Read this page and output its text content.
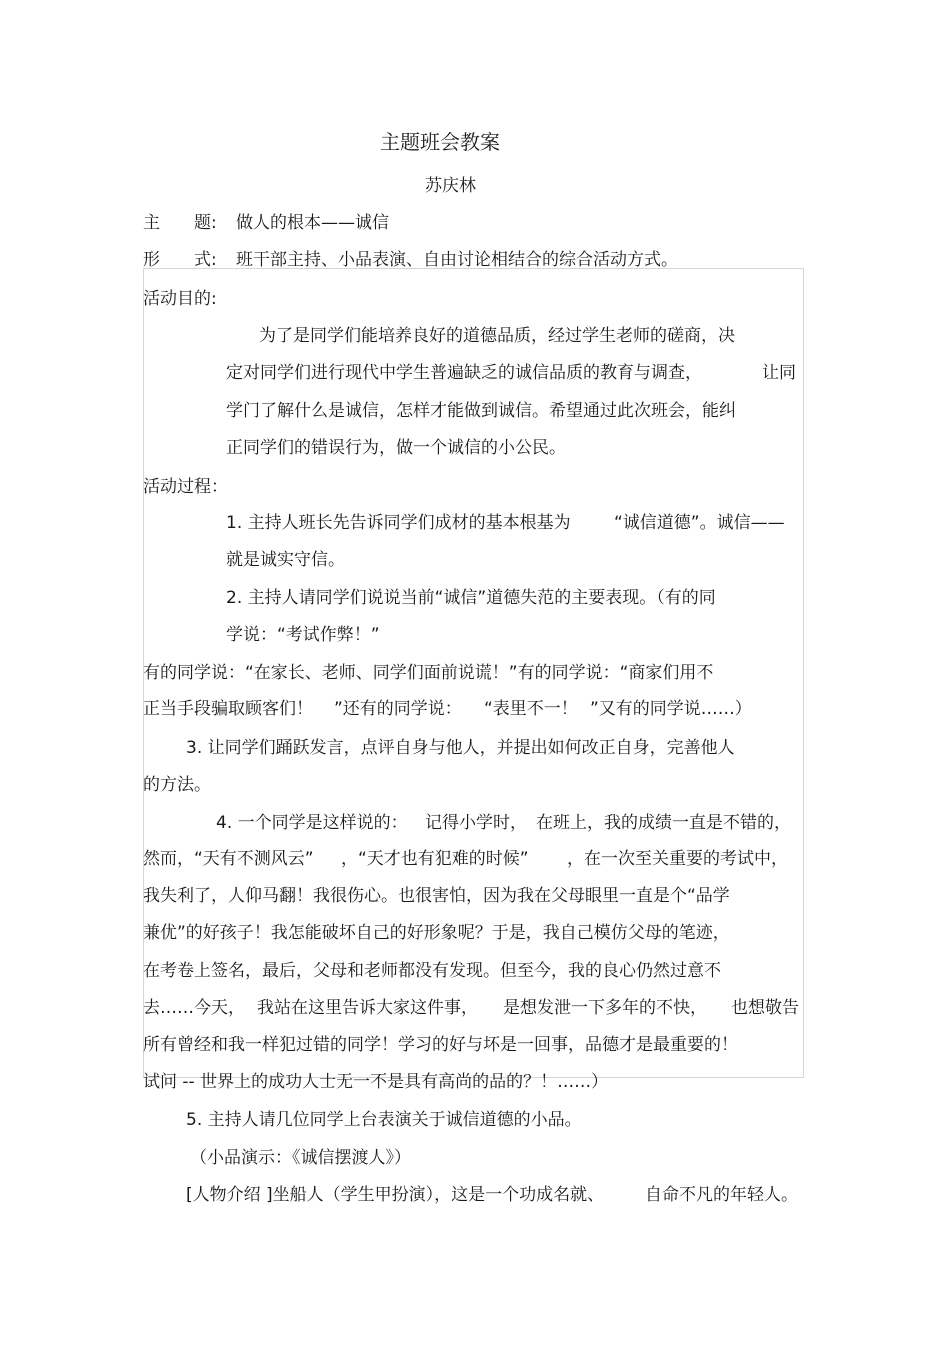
主题班会教案
苏庆林
主　　题: 做人的根本——诚信
形　　式: 班干部主持、小品表演、自由讨论相结合的综合活动方式。
活动目的:
为了是同学们能培养良好的道德品质，经过学生老师的磋商，决
定对同学们进行现代中学生普遍缺乏的诚信品质的教育与调查，	让同
学门了解什么是诚信，怎样才能做到诚信。希望通过此次班会，能纠
正同学们的错误行为，做一个诚信的小公民。
活动过程：
1. 主持人班长先告诉同学们成材的基本根基为	“诚信道德”。诚信——
就是诚实守信。
2. 主持人请同学们说说当前“诚信”道德失范的主要表现。（有的同
学说：“考试作弊！”
有的同学说：“在家长、老师、同学们面前说谎！”有的同学说：“商家们用不
正当手段骗取顾客们！ ”还有的同学说： “表里不一！ ”又有的同学说……）
3. 让同学们踊跃发言，点评自身与他人，并提出如何改正自身，完善他人
的方法。
4. 一个同学是这样说的： 记得小学时， 在班上，我的成绩一直是不错的，
然而，“天有不测风云” ，“天才也有犯难的时候” ，在一次至关重要的考试中，
我失利了，人仰马翻！我很伤心。也很害怕，因为我在父母眼里一直是个“品学
兼优”的好孩子！我怎能破坏自己的好形象呢？于是，我自己模仿父母的笔迹，
在考卷上签名，最后，父母和老师都没有发现。但至今，我的良心仍然过意不
去……今天， 我站在这里告诉大家这件事， 是想发泄一下多年的不快， 也想敬告
所有曾经和我一样犯过错的同学！学习的好与坏是一回事，品德才是最重要的！
试问 -- 世界上的成功人士无一不是具有高尚的品的？！……）
5. 主持人请几位同学上台表演关于诚信道德的小品。
（小品演示：《诚信摆渡人》）
[人物介绍 ]坐船人（学生甲扮演），这是一个功成名就、 自命不凡的年轻人。
